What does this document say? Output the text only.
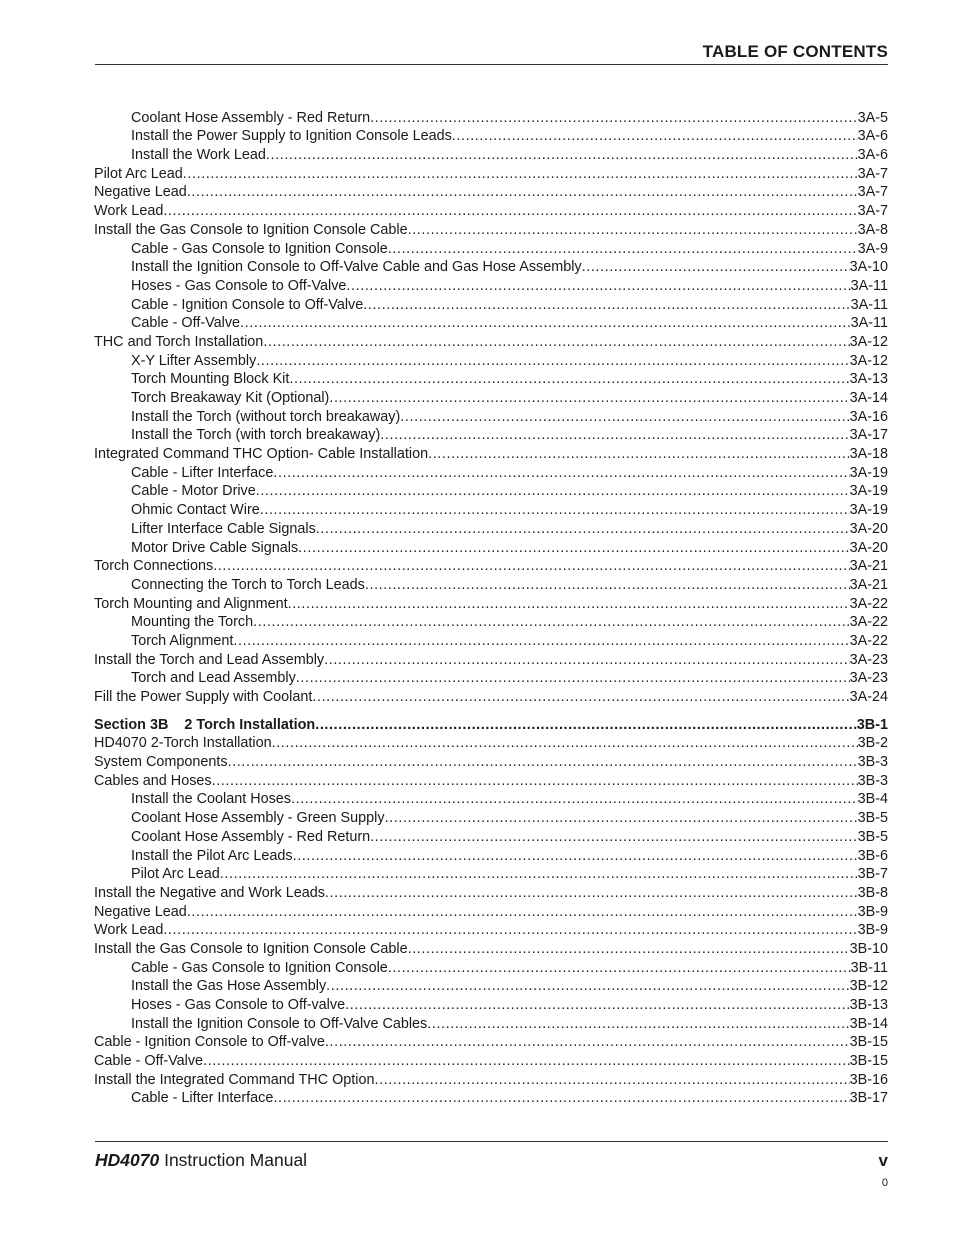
TABLE OF CONTENTS
Coolant Hose Assembly - Red Return .....	3A-5
Install the Power Supply to Ignition Console Leads .....	3A-6
Install the Work Lead .....	3A-6
Pilot Arc Lead .....	3A-7
Negative Lead .....	3A-7
Work Lead .....	3A-7
Install the Gas Console to Ignition Console Cable .....	3A-8
Cable - Gas Console to Ignition Console .....	3A-9
Install the Ignition Console to Off-Valve Cable and Gas Hose Assembly .....	3A-10
Hoses - Gas Console to Off-Valve .....	3A-11
Cable - Ignition Console to Off-Valve .....	3A-11
Cable - Off-Valve .....	3A-11
THC and Torch Installation .....	3A-12
X-Y Lifter Assembly .....	3A-12
Torch Mounting Block Kit .....	3A-13
Torch Breakaway Kit (Optional) .....	3A-14
Install the Torch (without torch breakaway) .....	3A-16
Install the Torch (with torch breakaway) .....	3A-17
Integrated Command THC Option- Cable Installation .....	3A-18
Cable - Lifter Interface .....	3A-19
Cable - Motor Drive .....	3A-19
Ohmic Contact Wire .....	3A-19
Lifter Interface Cable Signals .....	3A-20
Motor Drive Cable Signals .....	3A-20
Torch Connections .....	3A-21
Connecting the Torch to Torch Leads .....	3A-21
Torch Mounting and Alignment .....	3A-22
Mounting the Torch .....	3A-22
Torch Alignment .....	3A-22
Install the Torch and Lead Assembly .....	3A-23
Torch and Lead Assembly .....	3A-23
Fill the Power Supply with Coolant .....	3A-24
Section 3B    2 Torch Installation .....	3B-1
HD4070 2-Torch Installation .....	3B-2
System Components .....	3B-3
Cables and Hoses .....	3B-3
Install the Coolant Hoses .....	3B-4
Coolant Hose Assembly - Green Supply .....	3B-5
Coolant Hose Assembly - Red Return .....	3B-5
Install the Pilot Arc Leads .....	3B-6
Pilot Arc Lead .....	3B-7
Install the Negative and Work Leads .....	3B-8
Negative Lead .....	3B-9
Work Lead .....	3B-9
Install the Gas Console to Ignition Console Cable .....	3B-10
Cable - Gas Console to Ignition Console .....	3B-11
Install the Gas Hose Assembly .....	3B-12
Hoses - Gas Console to Off-valve .....	3B-13
Install the Ignition Console to Off-Valve Cables .....	3B-14
Cable - Ignition Console to Off-valve .....	3B-15
Cable - Off-Valve .....	3B-15
Install the Integrated Command THC Option .....	3B-16
Cable - Lifter Interface .....	3B-17
HD4070 Instruction Manual	v
0
